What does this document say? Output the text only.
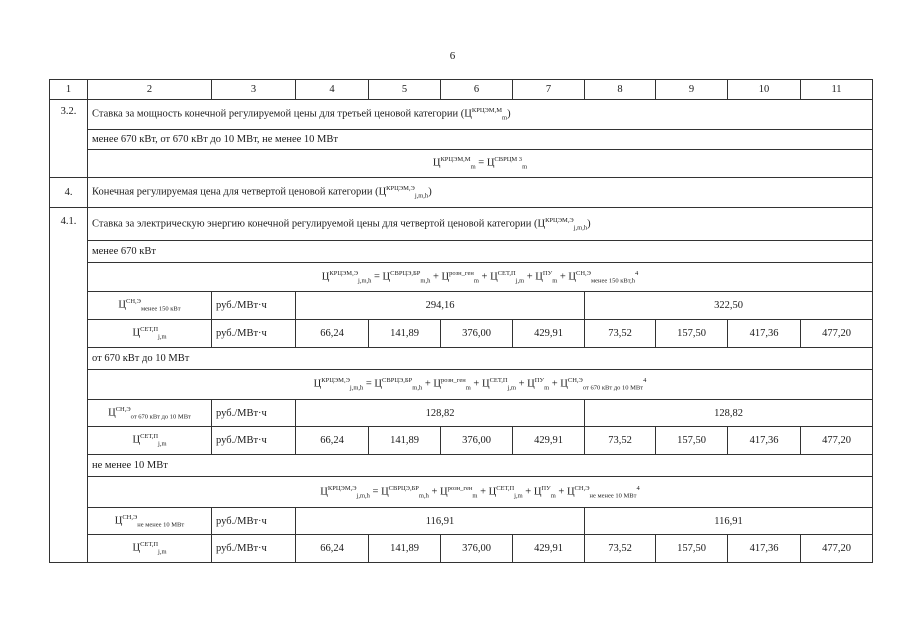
6
1	2	3	4	5	6	7	8	9	10	11
3.2.	Ставка за мощность конечной регулируемой цены для третьей ценовой категории $(Ц^{КРЦЭМ,М}_m)$									
	менее 670 кВт, от 670 кВт до 10 МВт, не менее 10 МВт									
	$Ц^{КРЦЭМ,М}_m = Ц^{СВРЦМ 3}_m$
4.	Конечная регулируемая цена для четвертой ценовой категории $(Ц^{КРЦЭМ,Э}_{j,m,h})$									
4.1.	Ставка за электрическую энергию конечной регулируемой цены для четвертой ценовой категории $(Ц^{КРЦЭМ,Э}_{j,m,h})$									
	менее 670 кВт									
	$Ц^{КРЦЭМ,Э}_{j,m,h} = Ц^{СВРЦЭ,БР}_{m,h} + Ц^{розн\_ген}_m + Ц^{СЕТ,П}_{j,m} + Ц^{ПУ}_m + Ц^{СН,Э}_{менее 150 кВт,h}^4$
	$Ц^{СН,Э}_{менее 150 кВт}$	руб./МВт·ч	294,16				322,50			
	$Ц^{СЕТ,П}_{j,m}$	руб./МВт·ч	66,24	141,89	376,00	429,91	73,52	157,50	417,36	477,20
	от 670 кВт до 10 МВт									
	$Ц^{КРЦЭМ,Э}_{j,m,h} = Ц^{СВРЦЭ,БР}_{m,h} + Ц^{розн\_ген}_m + Ц^{СЕТ,П}_{j,m} + Ц^{ПУ}_m + Ц^{СН,Э}_{от 670 кВт до 10 МВт}^4$
	$Ц^{СН,Э}_{от 670 кВт до 10 МВт}$	руб./МВт·ч	128,82				128,82			
	$Ц^{СЕТ,П}_{j,m}$	руб./МВт·ч	66,24	141,89	376,00	429,91	73,52	157,50	417,36	477,20
	не менее 10 МВт									
	$Ц^{КРЦЭМ,Э}_{j,m,h} = Ц^{СВРЦЭ,БР}_{m,h} + Ц^{розн\_ген}_m + Ц^{СЕТ,П}_{j,m} + Ц^{ПУ}_m + Ц^{СН,Э}_{не менее 10 МВт}^4$
	$Ц^{СН,Э}_{не менее 10 МВт}$	руб./МВт·ч	116,91				116,91			
	$Ц^{СЕТ,П}_{j,m}$	руб./МВт·ч	66,24	141,89	376,00	429,91	73,52	157,50	417,36	477,20
